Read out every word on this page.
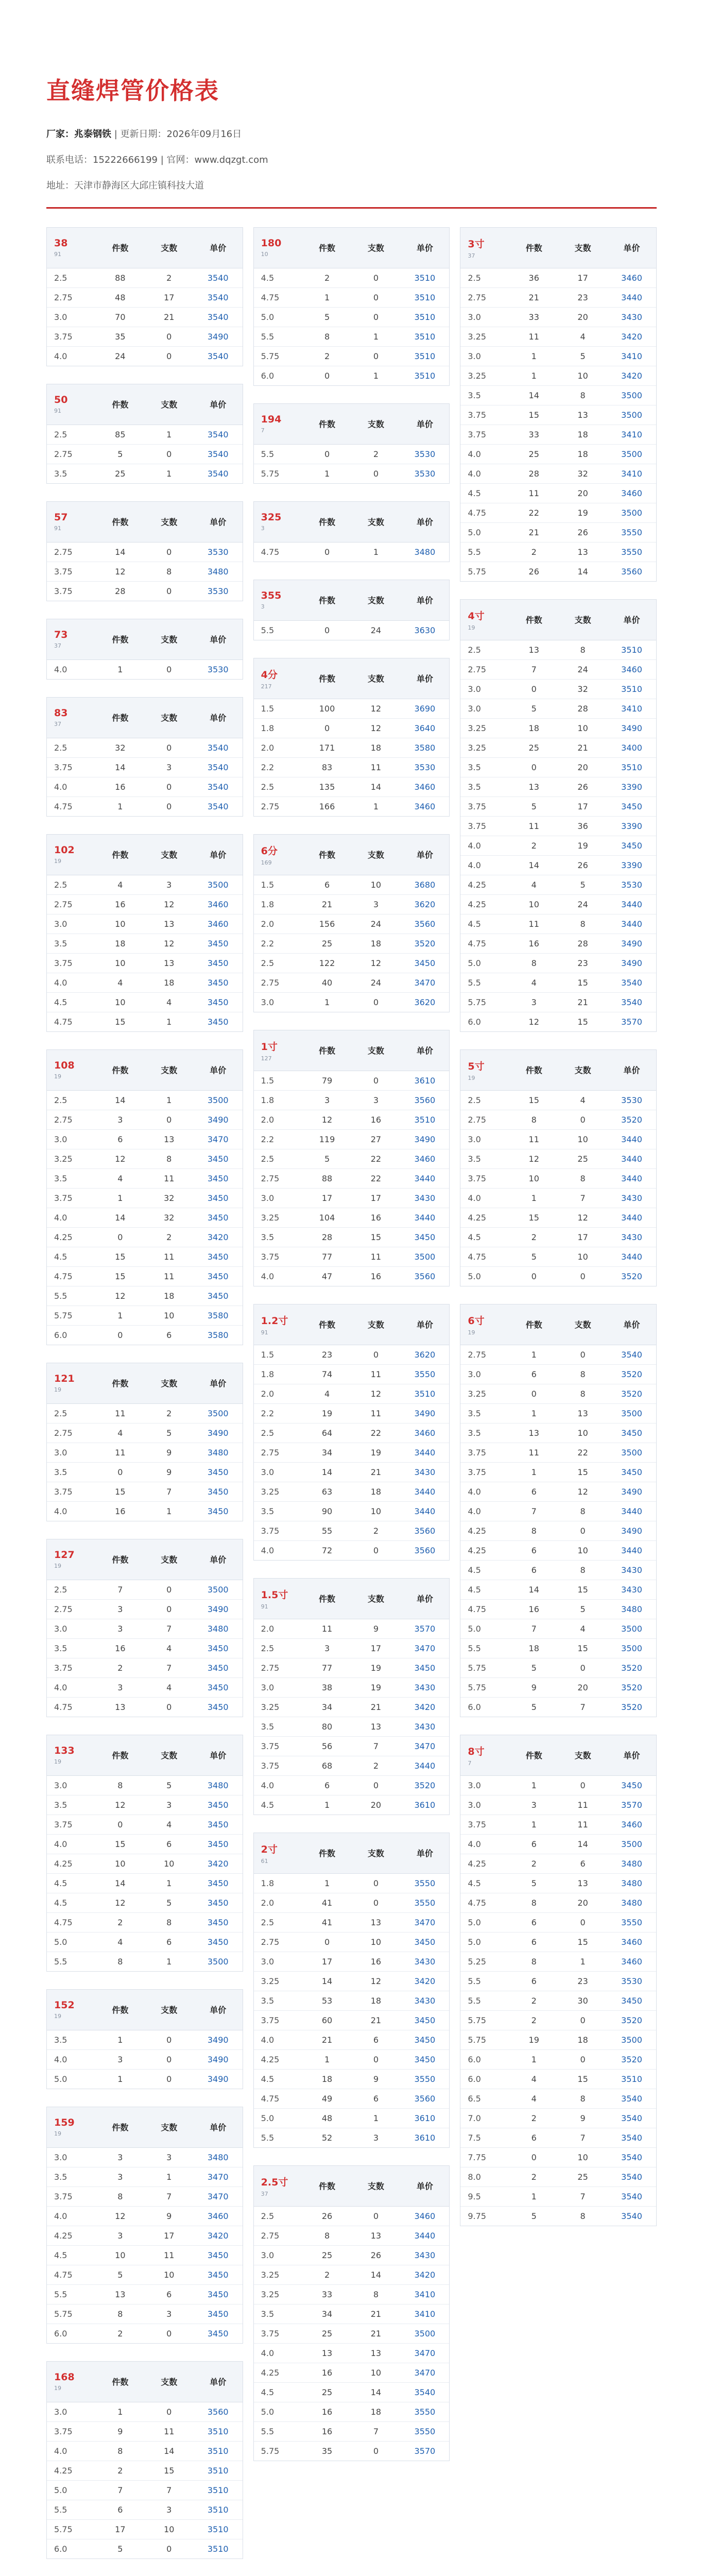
直缝焊管价格表
厂家：兆泰钢铁 | 更新日期：2026年09月16日
联系电话：15222666199 | 官网：www.dqzgt.com
地址：天津市静海区大邱庄镇科技大道
38
91	件数	支数	单价
2.5	88	2	3540
2.75	48	17	3540
3.0	70	21	3540
3.75	35	0	3490
4.0	24	0	3540
50
91	件数	支数	单价
2.5	85	1	3540
2.75	5	0	3540
3.5	25	1	3540
57
91	件数	支数	单价
2.75	14	0	3530
3.75	12	8	3480
3.75	28	0	3530
73
37	件数	支数	单价
4.0	1	0	3530
83
37	件数	支数	单价
2.5	32	0	3540
3.75	14	3	3540
4.0	16	0	3540
4.75	1	0	3540
102
19	件数	支数	单价
2.5	4	3	3500
2.75	16	12	3460
3.0	10	13	3460
3.5	18	12	3450
3.75	10	13	3450
4.0	4	18	3450
4.5	10	4	3450
4.75	15	1	3450
108
19	件数	支数	单价
2.5	14	1	3500
2.75	3	0	3490
3.0	6	13	3470
3.25	12	8	3450
3.5	4	11	3450
3.75	1	32	3450
4.0	14	32	3450
4.25	0	2	3420
4.5	15	11	3450
4.75	15	11	3450
5.5	12	18	3450
5.75	1	10	3580
6.0	0	6	3580
121
19	件数	支数	单价
2.5	11	2	3500
2.75	4	5	3490
3.0	11	9	3480
3.5	0	9	3450
3.75	15	7	3450
4.0	16	1	3450
127
19	件数	支数	单价
2.5	7	0	3500
2.75	3	0	3490
3.0	3	7	3480
3.5	16	4	3450
3.75	2	7	3450
4.0	3	4	3450
4.75	13	0	3450
133
19	件数	支数	单价
3.0	8	5	3480
3.5	12	3	3450
3.75	0	4	3450
4.0	15	6	3450
4.25	10	10	3420
4.5	14	1	3450
4.5	12	5	3450
4.75	2	8	3450
5.0	4	6	3450
5.5	8	1	3500
152
19	件数	支数	单价
3.5	1	0	3490
4.0	3	0	3490
5.0	1	0	3490
159
19	件数	支数	单价
3.0	3	3	3480
3.5	3	1	3470
3.75	8	7	3470
4.0	12	9	3460
4.25	3	17	3420
4.5	10	11	3450
4.75	5	10	3450
5.5	13	6	3450
5.75	8	3	3450
6.0	2	0	3450
168
19	件数	支数	单价
3.0	1	0	3560
3.75	9	11	3510
4.0	8	14	3510
4.25	2	15	3510
5.0	7	7	3510
5.5	6	3	3510
5.75	17	10	3510
6.0	5	0	3510
180
10	件数	支数	单价
4.5	2	0	3510
4.75	1	0	3510
5.0	5	0	3510
5.5	8	1	3510
5.75	2	0	3510
6.0	0	1	3510
194
7	件数	支数	单价
5.5	0	2	3530
5.75	1	0	3530
325
3	件数	支数	单价
4.75	0	1	3480
355
3	件数	支数	单价
5.5	0	24	3630
4分
217	件数	支数	单价
1.5	100	12	3690
1.8	0	12	3640
2.0	171	18	3580
2.2	83	11	3530
2.5	135	14	3460
2.75	166	1	3460
6分
169	件数	支数	单价
1.5	6	10	3680
1.8	21	3	3620
2.0	156	24	3560
2.2	25	18	3520
2.5	122	12	3450
2.75	40	24	3470
3.0	1	0	3620
1寸
127	件数	支数	单价
1.5	79	0	3610
1.8	3	3	3560
2.0	12	16	3510
2.2	119	27	3490
2.5	5	22	3460
2.75	88	22	3440
3.0	17	17	3430
3.25	104	16	3440
3.5	28	15	3450
3.75	77	11	3500
4.0	47	16	3560
1.2寸
91	件数	支数	单价
1.5	23	0	3620
1.8	74	11	3550
2.0	4	12	3510
2.2	19	11	3490
2.5	64	22	3460
2.75	34	19	3440
3.0	14	21	3430
3.25	63	18	3440
3.5	90	10	3440
3.75	55	2	3560
4.0	72	0	3560
1.5寸
91	件数	支数	单价
2.0	11	9	3570
2.5	3	17	3470
2.75	77	19	3450
3.0	38	19	3430
3.25	34	21	3420
3.5	80	13	3430
3.75	56	7	3470
3.75	68	2	3440
4.0	6	0	3520
4.5	1	20	3610
2寸
61	件数	支数	单价
1.8	1	0	3550
2.0	41	0	3550
2.5	41	13	3470
2.75	0	10	3450
3.0	17	16	3430
3.25	14	12	3420
3.5	53	18	3430
3.75	60	21	3450
4.0	21	6	3450
4.25	1	0	3450
4.5	18	9	3550
4.75	49	6	3560
5.0	48	1	3610
5.5	52	3	3610
2.5寸
37	件数	支数	单价
2.5	26	0	3460
2.75	8	13	3440
3.0	25	26	3430
3.25	2	14	3420
3.25	33	8	3410
3.5	34	21	3410
3.75	25	21	3500
4.0	13	13	3470
4.25	16	10	3470
4.5	25	14	3540
5.0	16	18	3550
5.5	16	7	3550
5.75	35	0	3570
3寸
37	件数	支数	单价
2.5	36	17	3460
2.75	21	23	3440
3.0	33	20	3430
3.25	11	4	3420
3.0	1	5	3410
3.25	1	10	3420
3.5	14	8	3500
3.75	15	13	3500
3.75	33	18	3410
4.0	25	18	3500
4.0	28	32	3410
4.5	11	20	3460
4.75	22	19	3500
5.0	21	26	3550
5.5	2	13	3550
5.75	26	14	3560
4寸
19	件数	支数	单价
2.5	13	8	3510
2.75	7	24	3460
3.0	0	32	3510
3.0	5	28	3410
3.25	18	10	3490
3.25	25	21	3400
3.5	0	20	3510
3.5	13	26	3390
3.75	5	17	3450
3.75	11	36	3390
4.0	2	19	3450
4.0	14	26	3390
4.25	4	5	3530
4.25	10	24	3440
4.5	11	8	3440
4.75	16	28	3490
5.0	8	23	3490
5.5	4	15	3540
5.75	3	21	3540
6.0	12	15	3570
5寸
19	件数	支数	单价
2.5	15	4	3530
2.75	8	0	3520
3.0	11	10	3440
3.5	12	25	3440
3.75	10	8	3440
4.0	1	7	3430
4.25	15	12	3440
4.5	2	17	3430
4.75	5	10	3440
5.0	0	0	3520
6寸
19	件数	支数	单价
2.75	1	0	3540
3.0	6	8	3520
3.25	0	8	3520
3.5	1	13	3500
3.5	13	10	3450
3.75	11	22	3500
3.75	1	15	3450
4.0	6	12	3490
4.0	7	8	3440
4.25	8	0	3490
4.25	6	10	3440
4.5	6	8	3430
4.5	14	15	3430
4.75	16	5	3480
5.0	7	4	3500
5.5	18	15	3500
5.75	5	0	3520
5.75	9	20	3520
6.0	5	7	3520
8寸
7	件数	支数	单价
3.0	1	0	3450
3.0	3	11	3570
3.75	1	11	3460
4.0	6	14	3500
4.25	2	6	3480
4.5	5	13	3480
4.75	8	20	3480
5.0	6	0	3550
5.0	6	15	3460
5.25	8	1	3460
5.5	6	23	3530
5.5	2	30	3450
5.75	2	0	3520
5.75	19	18	3500
6.0	1	0	3520
6.0	4	15	3510
6.5	4	8	3540
7.0	2	9	3540
7.5	6	7	3540
7.75	0	10	3540
8.0	2	25	3540
9.5	1	7	3540
9.75	5	8	3540
